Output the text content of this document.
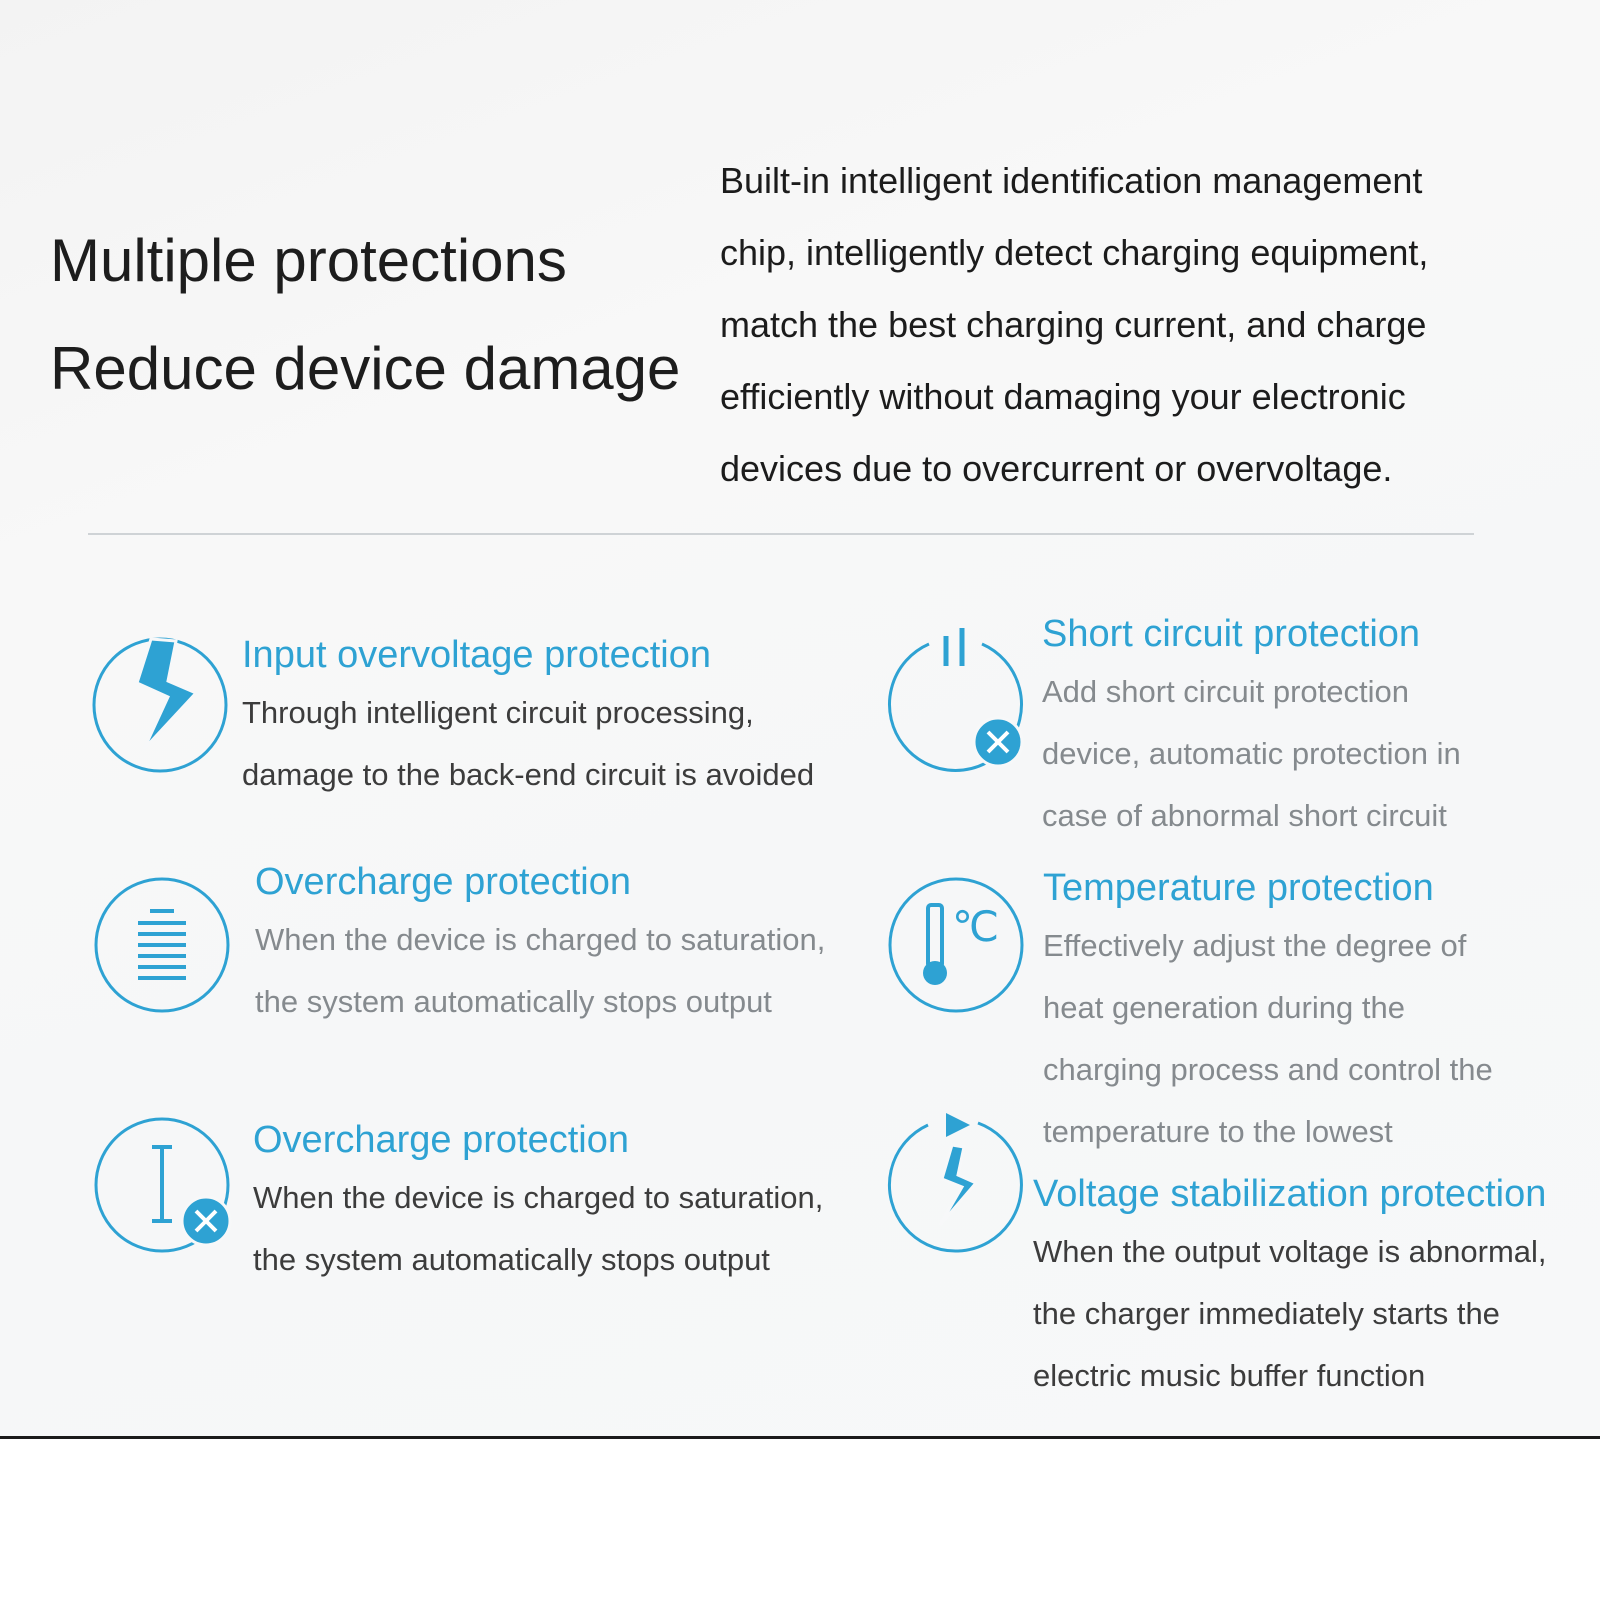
Multiple protections
Reduce device damage

Built-in intelligent identification management
chip, intelligently detect charging equipment,
match the best charging current, and charge
efficiently without damaging your electronic
devices due to overcurrent or overvoltage.

Input overvoltage protection

Through intelligent circuit processing,
damage to the back-end circuit is avoided

Short circuit protection

Add short circuit protection
device, automatic protection in
case of abnormal short circuit

Overcharge protection

When the device is charged to saturation,
the system automatically stops output

℃
Temperature protection

Effectively adjust the degree of
heat generation during the
charging process and control the
temperature to the lowest

Overcharge protection

When the device is charged to saturation,
the system automatically stops output

Voltage stabilization protection

When the output voltage is abnormal,
the charger immediately starts the
electric music buffer function
